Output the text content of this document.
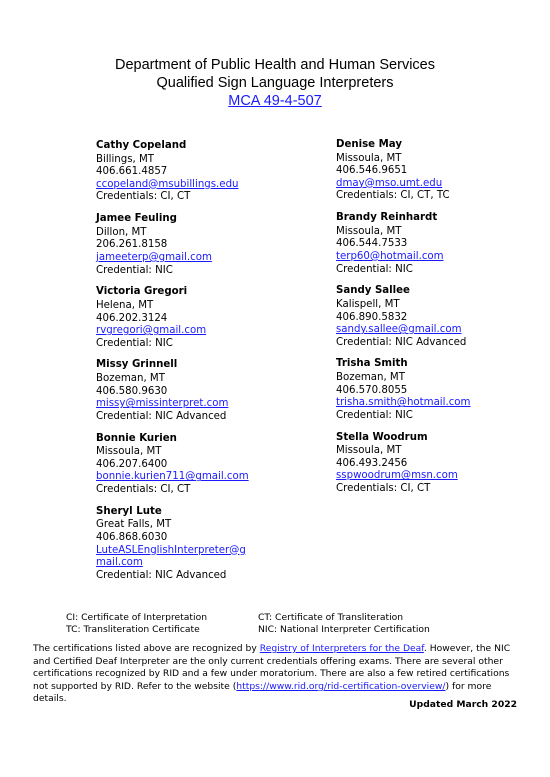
Department of Public Health and Human Services
Qualified Sign Language Interpreters
MCA 49-4-507
Cathy Copeland
Billings, MT
406.661.4857
ccopeland@msubillings.edu
Credentials: CI, CT
Jamee Feuling
Dillon, MT
206.261.8158
jameeterp@gmail.com
Credential: NIC
Victoria Gregori
Helena, MT
406.202.3124
rvgregori@gmail.com
Credential: NIC
Missy Grinnell
Bozeman, MT
406.580.9630
missy@missinterpret.com
Credential: NIC Advanced
Bonnie Kurien
Missoula, MT
406.207.6400
bonnie.kurien711@gmail.com
Credentials: CI, CT
Sheryl Lute
Great Falls, MT
406.868.6030
LuteASLEnglishInterpreter@gmail.com
Credential: NIC Advanced
Denise May
Missoula, MT
406.546.9651
dmay@mso.umt.edu
Credentials: CI, CT, TC
Brandy Reinhardt
Missoula, MT
406.544.7533
terp60@hotmail.com
Credential: NIC
Sandy Sallee
Kalispell, MT
406.890.5832
sandy.sallee@gmail.com
Credential: NIC Advanced
Trisha Smith
Bozeman, MT
406.570.8055
trisha.smith@hotmail.com
Credential: NIC
Stella Woodrum
Missoula, MT
406.493.2456
sspwoodrum@msn.com
Credentials: CI, CT
CI: Certificate of Interpretation
TC: Transliteration Certificate
CT: Certificate of Transliteration
NIC: National Interpreter Certification
The certifications listed above are recognized by Registry of Interpreters for the Deaf. However, the NIC and Certified Deaf Interpreter are the only current credentials offering exams. There are several other certifications recognized by RID and a few under moratorium. There are also a few retired certifications not supported by RID. Refer to the website (https://www.rid.org/rid-certification-overview/) for more details.
Updated March 2022
